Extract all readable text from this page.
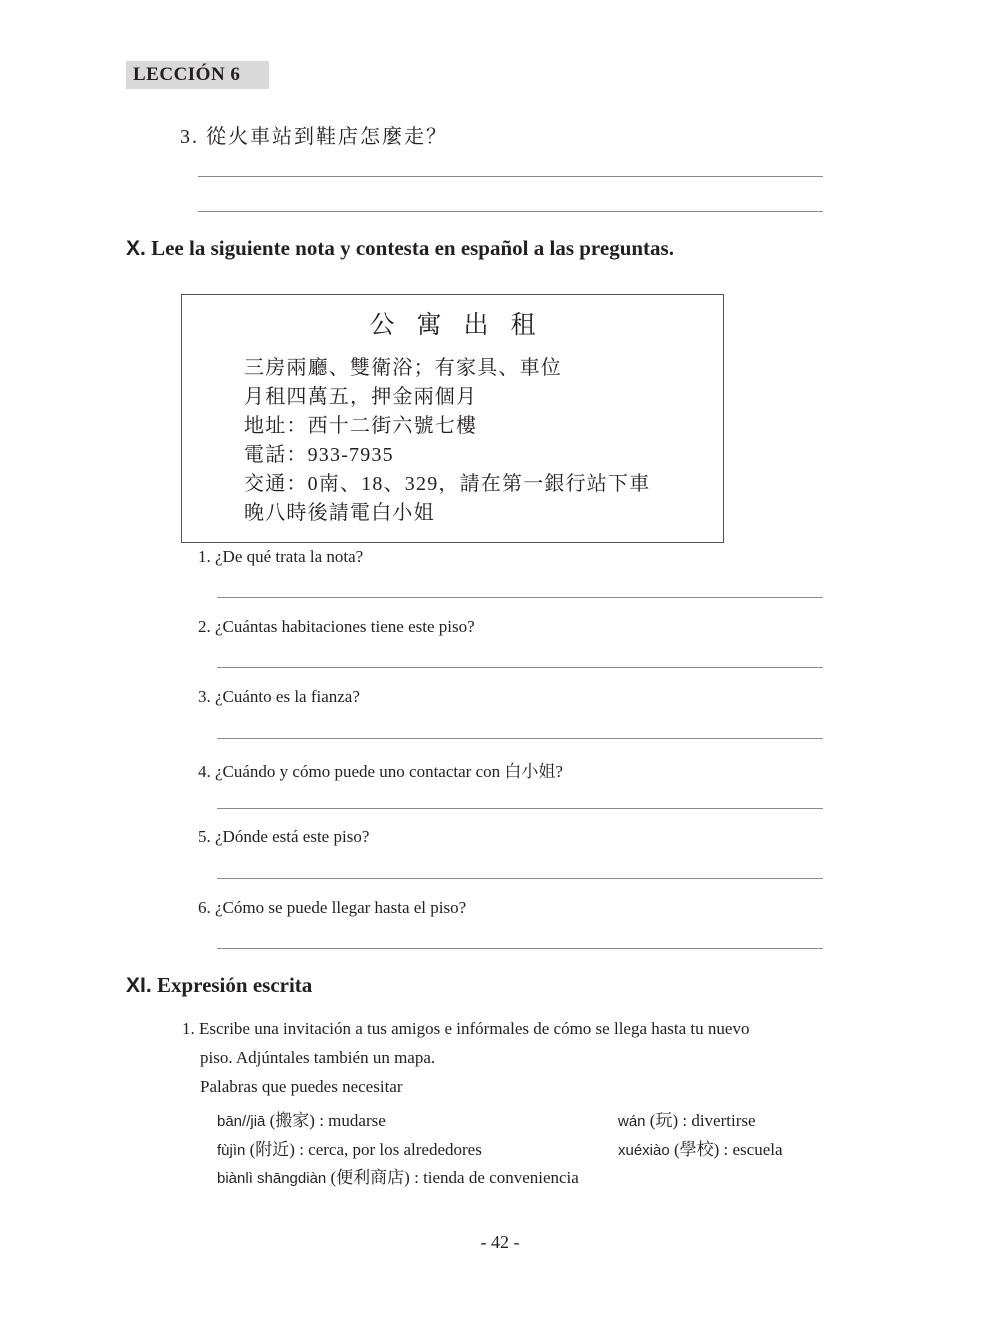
LECCIÓN 6
3. 從火車站到鞋店怎麼走？
X. Lee la siguiente nota y contesta en español a las preguntas.
公寓出租
三房兩廳、雙衛浴；有家具、車位
月租四萬五，押金兩個月
地址：西十二街六號七樓
電話：933-7935
交通：0南、18、329，請在第一銀行站下車
晚八時後請電白小姐
1. ¿De qué trata la nota?
2. ¿Cuántas habitaciones tiene este piso?
3. ¿Cuánto es la fianza?
4. ¿Cuándo y cómo puede uno contactar con 白小姐?
5. ¿Dónde está este piso?
6. ¿Cómo se puede llegar hasta el piso?
XI. Expresión escrita
1. Escribe una invitación a tus amigos e infórmales de cómo se llega hasta tu nuevo
piso. Adjúntales también un mapa.
Palabras que puedes necesitar
bān//jiā (搬家) : mudarse	wán (玩) : divertirse
fùjìn (附近) : cerca, por los alrededores	xuéxiào (學校) : escuela
biànlì shāngdiàn (便利商店) : tienda de conveniencia
- 42 -
